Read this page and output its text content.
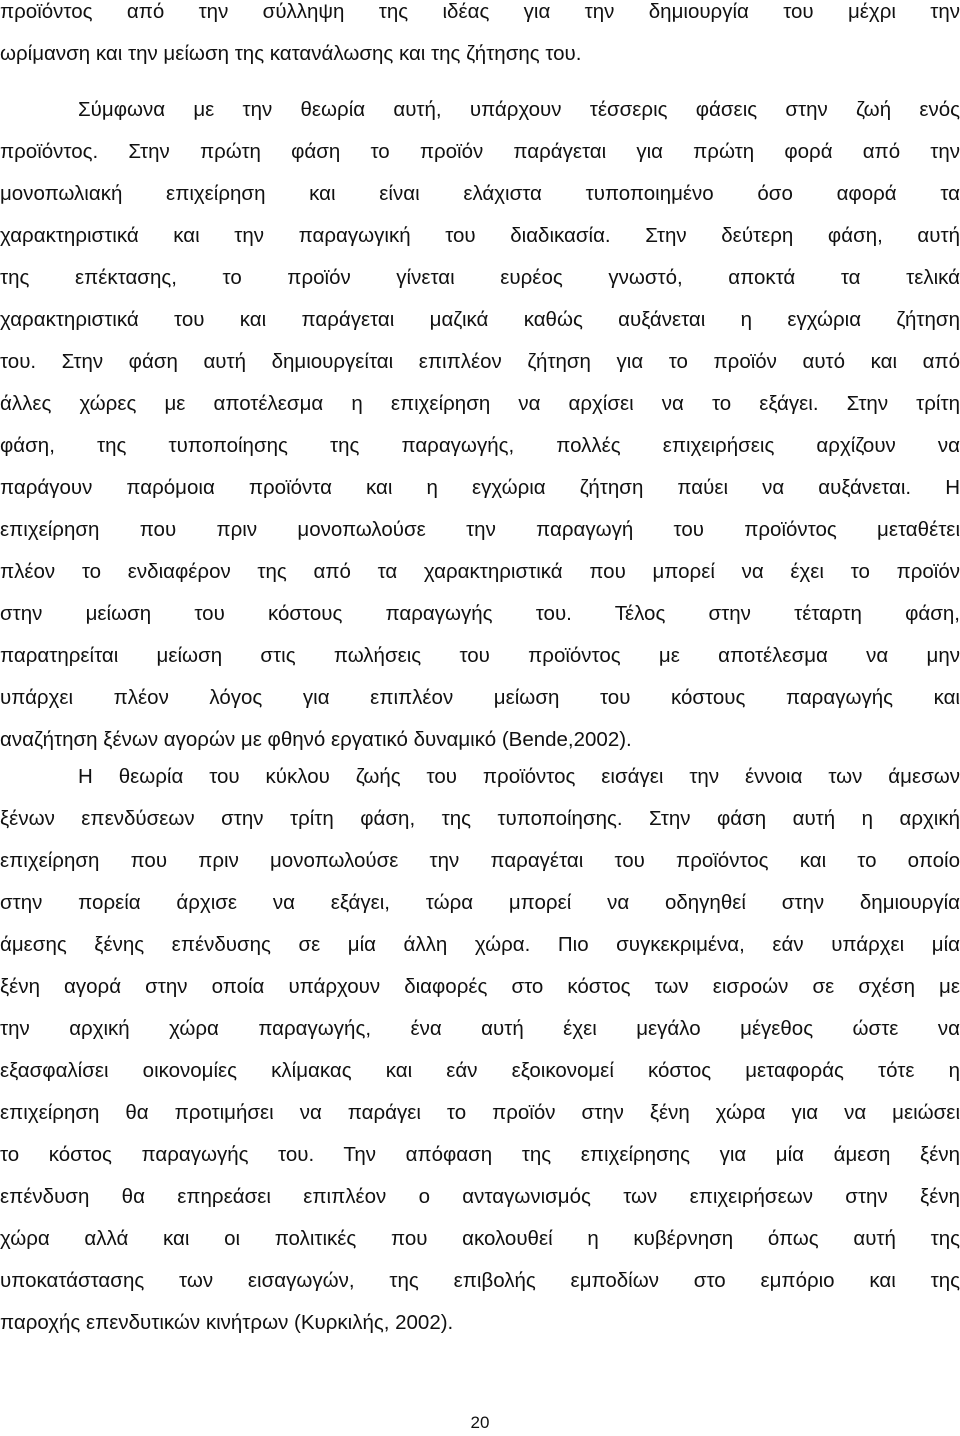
προϊόντος από την σύλληψη της ιδέας για την δημιουργία του μέχρι την
ωρίμανση και την μείωση της κατανάλωσης και της ζήτησης του.
Σύμφωνα με την θεωρία αυτή, υπάρχουν τέσσερις φάσεις στην ζωή ενός
προϊόντος. Στην πρώτη φάση το προϊόν παράγεται για πρώτη φορά από την
μονοπωλιακή επιχείρηση και είναι ελάχιστα τυποποιημένο όσο αφορά τα
χαρακτηριστικά και την παραγωγική του διαδικασία. Στην δεύτερη φάση, αυτή
της επέκτασης, το προϊόν γίνεται ευρέος γνωστό, αποκτά τα τελικά
χαρακτηριστικά του και παράγεται μαζικά καθώς αυξάνεται η εγχώρια ζήτηση
του. Στην φάση αυτή δημιουργείται επιπλέον ζήτηση για το προϊόν αυτό και από
άλλες χώρες με αποτέλεσμα η επιχείρηση να αρχίσει να το εξάγει. Στην τρίτη
φάση, της τυποποίησης της παραγωγής, πολλές επιχειρήσεις αρχίζουν να
παράγουν παρόμοια προϊόντα και η εγχώρια ζήτηση παύει να αυξάνεται. Η
επιχείρηση που πριν μονοπωλούσε την παραγωγή του προϊόντος μεταθέτει
πλέον το ενδιαφέρον της από τα χαρακτηριστικά που μπορεί να έχει το προϊόν
στην μείωση του κόστους παραγωγής του. Τέλος στην τέταρτη φάση,
παρατηρείται μείωση στις πωλήσεις του προϊόντος με αποτέλεσμα να μην
υπάρχει πλέον λόγος για επιπλέον μείωση του κόστους παραγωγής και
αναζήτηση ξένων αγορών με φθηνό εργατικό δυναμικό (Bende,2002).
Η θεωρία του κύκλου ζωής του προϊόντος εισάγει την έννοια των άμεσων
ξένων επενδύσεων στην τρίτη φάση, της τυποποίησης. Στην φάση αυτή η αρχική
επιχείρηση που πριν μονοπωλούσε την παραγέται του προϊόντος και το οποίο
στην πορεία άρχισε να εξάγει, τώρα μπορεί να οδηγηθεί στην δημιουργία
άμεσης ξένης επένδυσης σε μία άλλη χώρα. Πιο συγκεκριμένα, εάν υπάρχει μία
ξένη αγορά στην οποία υπάρχουν διαφορές στο κόστος των εισροών σε σχέση με
την αρχική χώρα παραγωγής, ένα αυτή έχει μεγάλο μέγεθος ώστε να
εξασφαλίσει οικονομίες κλίμακας και εάν εξοικονομεί κόστος μεταφοράς τότε η
επιχείρηση θα προτιμήσει να παράγει το προϊόν στην ξένη χώρα για να μειώσει
το κόστος παραγωγής του. Την απόφαση της επιχείρησης για μία άμεση ξένη
επένδυση θα επηρεάσει επιπλέον ο ανταγωνισμός των επιχειρήσεων στην ξένη
χώρα αλλά και οι πολιτικές που ακολουθεί η κυβέρνηση όπως αυτή της
υποκατάστασης των εισαγωγών, της επιβολής εμποδίων στο εμπόριο και της
παροχής επενδυτικών κινήτρων (Κυρκιλής, 2002).
20
